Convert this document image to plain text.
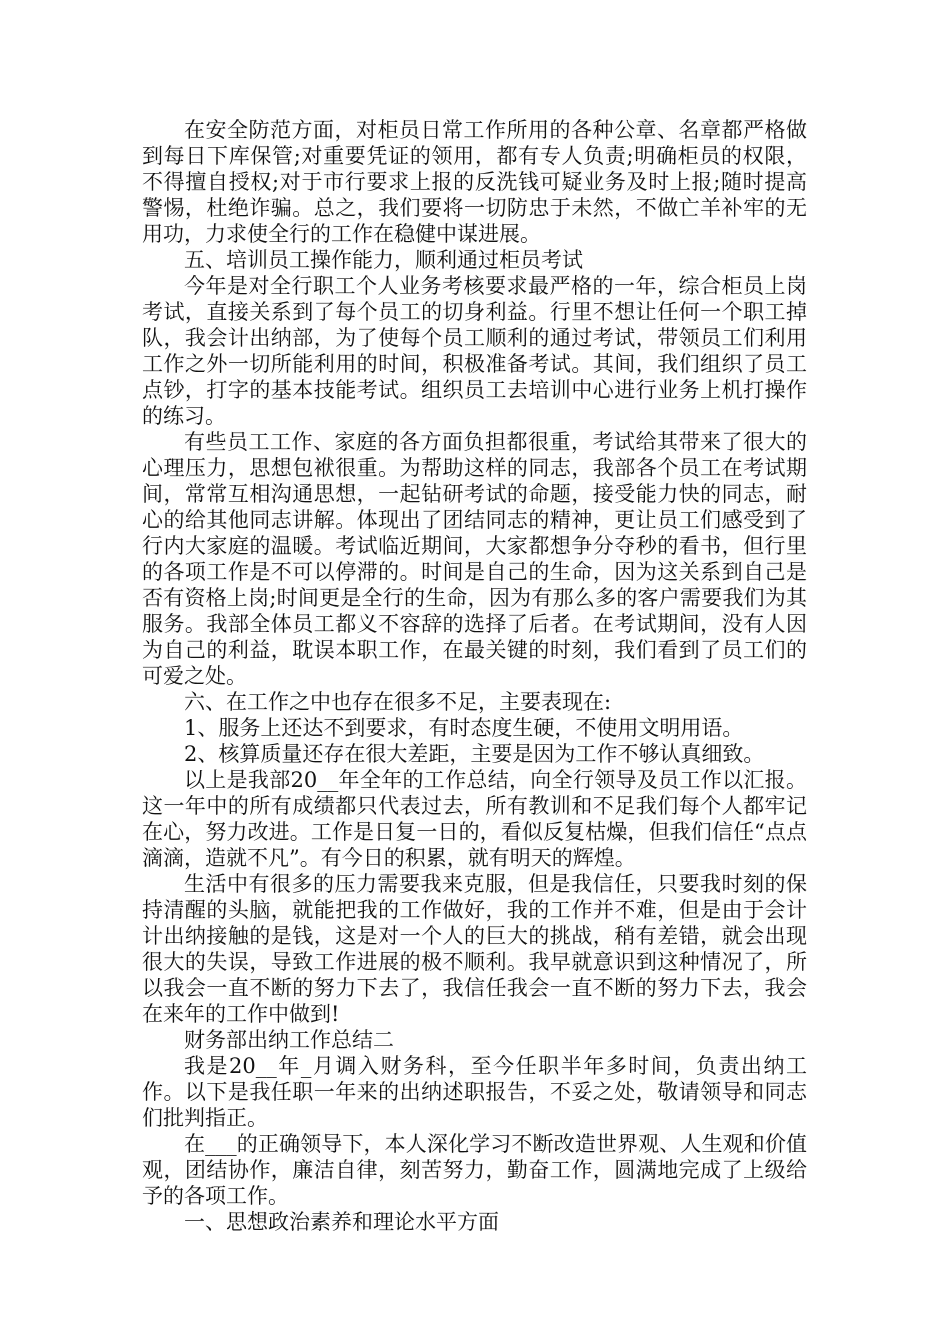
在安全防范方面，对柜员日常工作所用的各种公章、名章都严格做到每日下库保管;对重要凭证的领用，都有专人负责;明确柜员的权限，不得擅自授权;对于市行要求上报的反洗钱可疑业务及时上报;随时提高警惕，杜绝诈骗。总之，我们要将一切防忠于未然，不做亡羊补牢的无用功，力求使全行的工作在稳健中谋进展。

五、培训员工操作能力，顺利通过柜员考试

今年是对全行职工个人业务考核要求最严格的一年，综合柜员上岗考试，直接关系到了每个员工的切身利益。行里不想让任何一个职工掉队，我会计出纳部，为了使每个员工顺利的通过考试，带领员工们利用工作之外一切所能利用的时间，积极准备考试。其间，我们组织了员工点钞，打字的基本技能考试。组织员工去培训中心进行业务上机打操作的练习。

有些员工工作、家庭的各方面负担都很重，考试给其带来了很大的心理压力，思想包袱很重。为帮助这样的同志，我部各个员工在考试期间，常常互相沟通思想，一起钻研考试的命题，接受能力快的同志，耐心的给其他同志讲解。体现出了团结同志的精神，更让员工们感受到了行内大家庭的温暖。考试临近期间，大家都想争分夺秒的看书，但行里的各项工作是不可以停滞的。时间是自己的生命，因为这关系到自己是否有资格上岗;时间更是全行的生命，因为有那么多的客户需要我们为其服务。我部全体员工都义不容辞的选择了后者。在考试期间，没有人因为自己的利益，耽误本职工作，在最关键的时刻，我们看到了员工们的可爱之处。

六、在工作之中也存在很多不足，主要表现在:

1、服务上还达不到要求，有时态度生硬，不使用文明用语。

2、核算质量还存在很大差距，主要是因为工作不够认真细致。

以上是我部20__年全年的工作总结，向全行领导及员工作以汇报。这一年中的所有成绩都只代表过去，所有教训和不足我们每个人都牢记在心，努力改进。工作是日复一日的，看似反复枯燥，但我们信任“点点滴滴，造就不凡”。有今日的积累，就有明天的辉煌。

生活中有很多的压力需要我来克服，但是我信任，只要我时刻的保持清醒的头脑，就能把我的工作做好，我的工作并不难，但是由于会计计出纳接触的是钱，这是对一个人的巨大的挑战，稍有差错，就会出现很大的失误，导致工作进展的极不顺利。我早就意识到这种情况了，所以我会一直不断的努力下去了，我信任我会一直不断的努力下去，我会在来年的工作中做到!

财务部出纳工作总结二

我是20__年_月调入财务科，至今任职半年多时间，负责出纳工作。以下是我任职一年来的出纳述职报告，不妥之处，敬请领导和同志们批判指正。

在___的正确领导下，本人深化学习不断改造世界观、人生观和价值观，团结协作，廉洁自律，刻苦努力，勤奋工作，圆满地完成了上级给予的各项工作。

一、思想政治素养和理论水平方面
